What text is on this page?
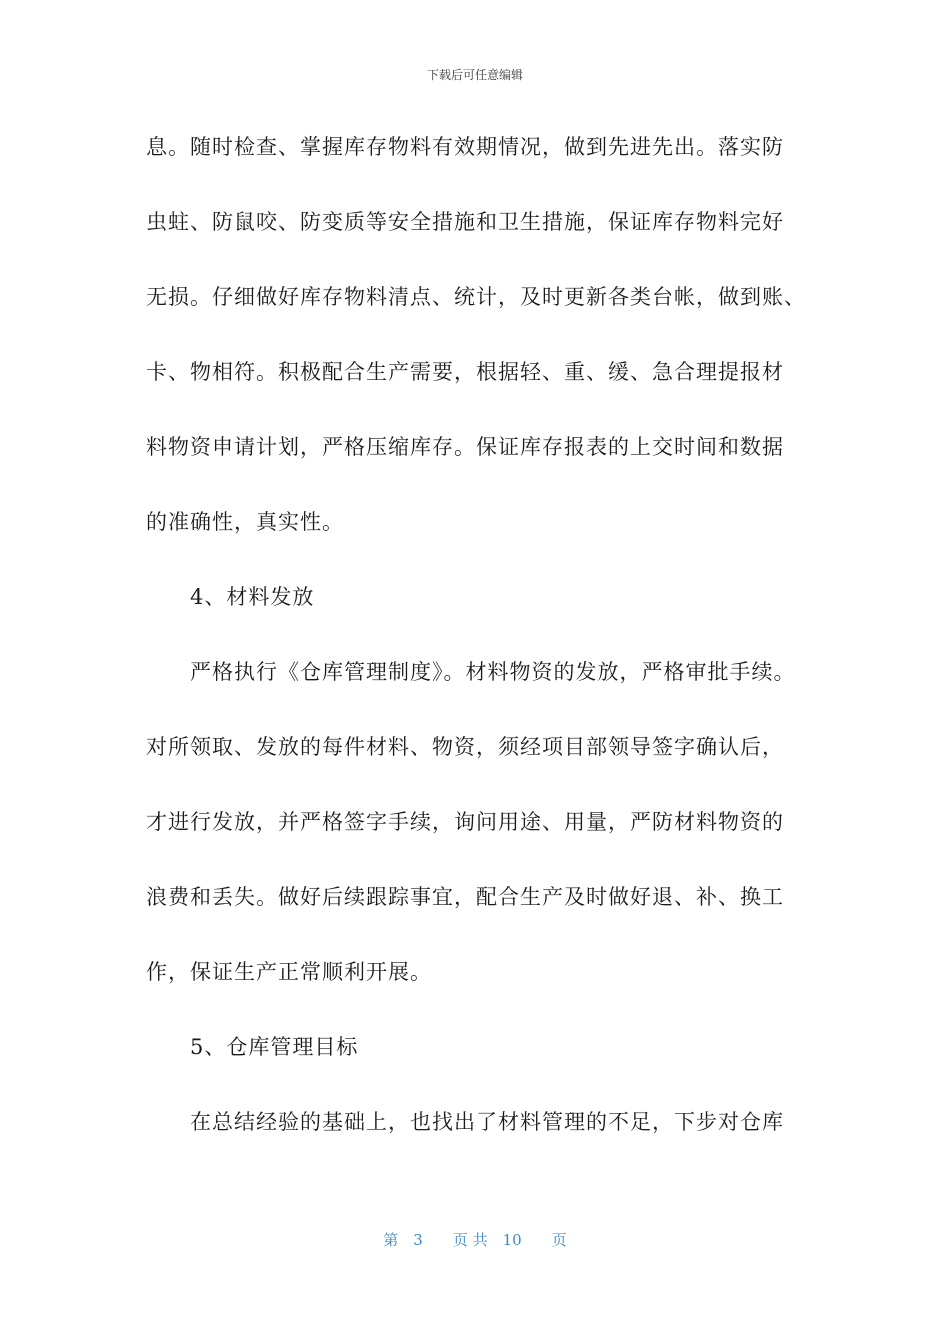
下载后可任意编辑
息。随时检查、掌握库存物料有效期情况，做到先进先出。落实防
虫蛀、防鼠咬、防变质等安全措施和卫生措施，保证库存物料完好
无损。仔细做好库存物料清点、统计，及时更新各类台帐，做到账、
卡、物相符。积极配合生产需要，根据轻、重、缓、急合理提报材
料物资申请计划，严格压缩库存。保证库存报表的上交时间和数据
的准确性，真实性。
4、材料发放
严格执行《仓库管理制度》。材料物资的发放，严格审批手续。
对所领取、发放的每件材料、物资，须经项目部领导签字确认后，
才进行发放，并严格签字手续，询问用途、用量，严防材料物资的
浪费和丢失。做好后续跟踪事宜，配合生产及时做好退、补、换工
作，保证生产正常顺利开展。
5、仓库管理目标
在总结经验的基础上，也找出了材料管理的不足，下步对仓库
第　3　　页 共　10　　页
